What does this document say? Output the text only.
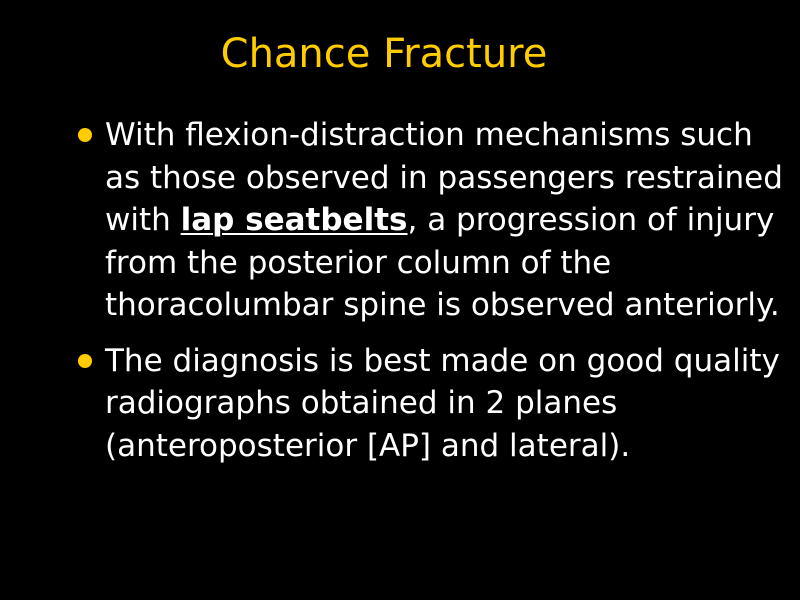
Chance Fracture
With flexion-distraction mechanisms such as those observed in passengers restrained with lap seatbelts, a progression of injury from the posterior column of the thoracolumbar spine is observed anteriorly.
The diagnosis is best made on good quality radiographs obtained in 2 planes (anteroposterior [AP] and lateral).
